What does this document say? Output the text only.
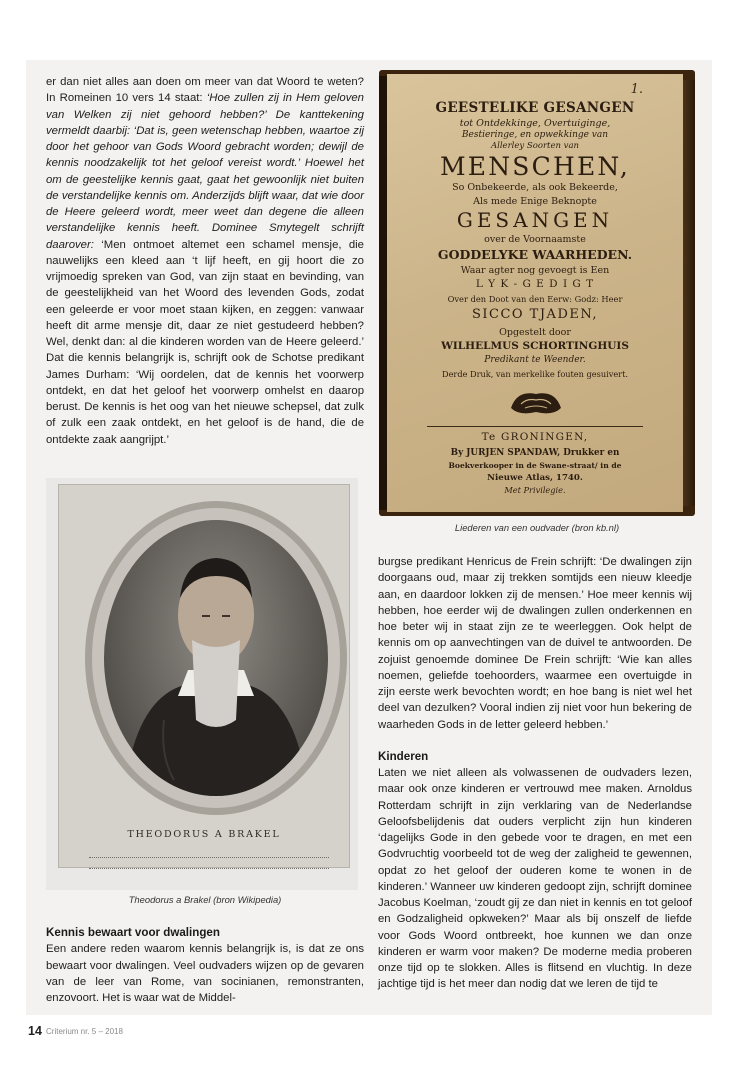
er dan niet alles aan doen om meer van dat Woord te weten? In Romeinen 10 vers 14 staat: ‘Hoe zullen zij in Hem geloven van Welken zij niet gehoord hebben?’ De kanttekening vermeldt daarbij: ‘Dat is, geen wetenschap hebben, waartoe zij door het gehoor van Gods Woord gebracht worden; dewijl de kennis noodzakelijk tot het geloof vereist wordt.’ Hoewel het om de geestelijke kennis gaat, gaat het gewoonlijk niet buiten de verstandelijke kennis om. Anderzijds blijft waar, dat wie door de Heere geleerd wordt, meer weet dan degene die alleen verstandelijke kennis heeft. Dominee Smytegelt schrijft daarover: ‘Men ontmoet altemet een schamel mensje, die nauwelijks een kleed aan ‘t lijf heeft, en gij hoort die zo vrijmoedig spreken van God, van zijn staat en bevinding, van de geestelijkheid van het Woord des levenden Gods, zodat een geleerde er voor moet staan kijken, en zeggen: vanwaar heeft dit arme mensje dit, daar ze niet gestudeerd hebben? Wel, denkt dan: al die kinderen worden van de Heere geleerd.’ Dat die kennis belangrijk is, schrijft ook de Schotse predikant James Durham: ‘Wij oordelen, dat de kennis het voorwerp ontdekt, en dat het geloof het voorwerp omhelst en daarop berust. De kennis is het oog van het nieuwe schepsel, dat zulk of zulk een zaak ontdekt, en het geloof is de hand, die de ontdekte zaak aangrijpt.’

1.
GEESTELIKE GESANGEN
tot Ontdekkinge, Overtuiginge,
Bestieringe, en opwekkinge van
Allerley Soorten van
MENSCHEN,
So Onbekeerde, als ook Bekeerde,
Als mede Enige Beknopte
GESANGEN
over de Voornaamste
GODDELYKE WAARHEDEN.
Waar agter nog gevoegt is Een
L Y K - G E D I G T
Over den Doot van den Eerw: Godz: Heer
SICCO TJADEN,
Opgestelt door
WILHELMUS SCHORTINGHUIS
Predikant te Weender.
Derde Druk, van merkelike fouten gesuivert.
Te GRONINGEN,
By JURJEN SPANDAW, Drukker en
Boekverkooper in de Swane-straat/ in de
Nieuwe Atlas, 1740.
Met Privilegie.
Liederen van een oudvader (bron kb.nl)
THEODORUS A BRAKEL
Theodorus a Brakel (bron Wikipedia)
Kennis bewaart voor dwalingen

Een andere reden waarom kennis belangrijk is, is dat ze ons bewaart voor dwalingen. Veel oudvaders wijzen op de gevaren van de leer van Rome, van socinianen, remonstranten, enzovoort. Het is waar wat de Middel-

burgse predikant Henricus de Frein schrijft: ‘De dwalingen zijn doorgaans oud, maar zij trekken somtijds een nieuw kleedje aan, en daardoor lokken zij de mensen.’ Hoe meer kennis wij hebben, hoe eerder wij de dwalingen zullen onderkennen en hoe beter wij in staat zijn ze te weerleggen. Ook helpt de kennis om op aanvechtingen van de duivel te antwoorden. De zojuist genoemde dominee De Frein schrijft: ‘Wie kan alles noemen, geliefde toehoorders, waarmee een overtuigde in zijn eerste werk bevochten wordt; en hoe bang is niet wel het deel van dezulken? Vooral indien zij niet voor hun bekering de waarheden Gods in de letter geleerd hebben.’

Kinderen

Laten we niet alleen als volwassenen de oudvaders lezen, maar ook onze kinderen er vertrouwd mee maken. Arnoldus Rotterdam schrijft in zijn verklaring van de Nederlandse Geloofsbelijdenis dat ouders verplicht zijn hun kinderen ‘dagelijks Gode in den gebede voor te dragen, en met een Godvruchtig voorbeeld tot de weg der zaligheid te gewennen, opdat zo het geloof der ouderen kome te wonen in de kinderen.’ Wanneer uw kinderen gedoopt zijn, schrijft dominee Jacobus Koelman, ‘zoudt gij ze dan niet in kennis en tot geloof en Godzaligheid opkweken?’ Maar als bij onszelf de liefde voor Gods Woord ontbreekt, hoe kunnen we dan onze kinderen er warm voor maken? De moderne media proberen onze tijd op te slokken. Alles is flitsend en vluchtig. In deze jachtige tijd is het meer dan nodig dat we leren de tijd te

14 Criterium nr. 5 – 2018
